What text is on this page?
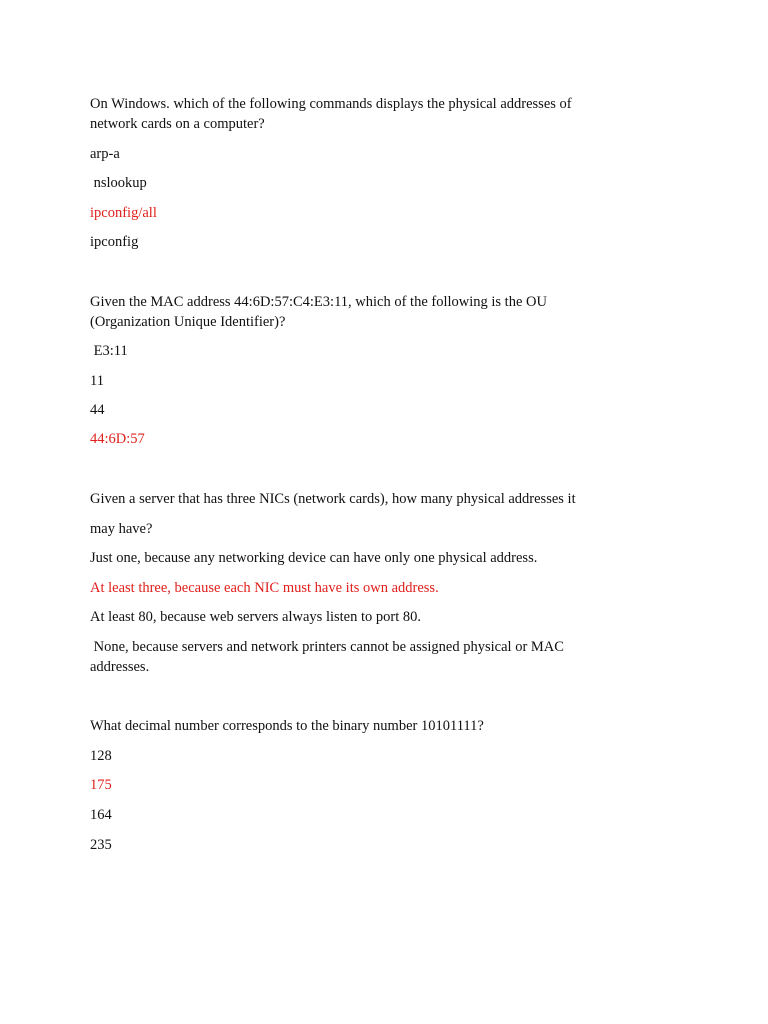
On Windows. which of the following commands displays the physical addresses of
network cards on a computer?
arp-a
nslookup
ipconfig/all
ipconfig
Given the MAC address 44:6D:57:C4:E3:11, which of the following is the OU
(Organization Unique Identifier)?
E3:11
11
44
44:6D:57
Given a server that has three NICs (network cards), how many physical addresses it
may have?
Just one, because any networking device can have only one physical address.
At least three, because each NIC must have its own address.
At least 80, because web servers always listen to port 80.
None, because servers and network printers cannot be assigned physical or MAC
addresses.
What decimal number corresponds to the binary number 10101111?
128
175
164
235
